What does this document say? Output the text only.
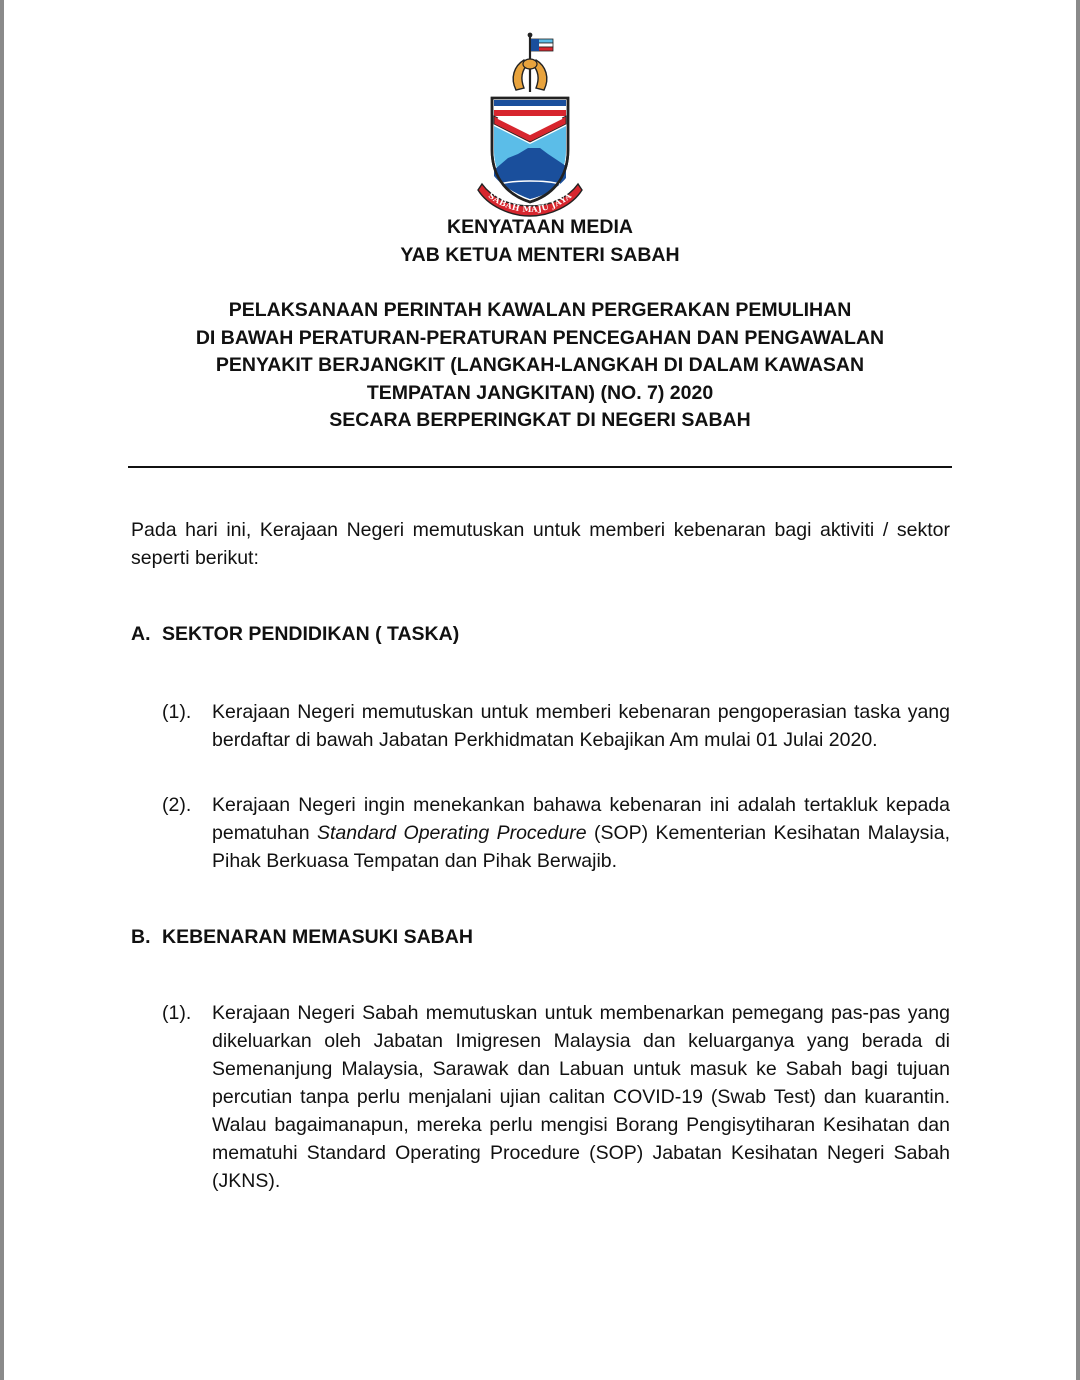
SABAH MAJU JAYA
KENYATAAN MEDIA
YAB KETUA MENTERI SABAH
PELAKSANAAN PERINTAH KAWALAN PERGERAKAN PEMULIHAN
DI BAWAH PERATURAN-PERATURAN PENCEGAHAN DAN PENGAWALAN
PENYAKIT BERJANGKIT (LANGKAH-LANGKAH DI DALAM KAWASAN
TEMPATAN JANGKITAN) (NO. 7) 2020
SECARA BERPERINGKAT DI NEGERI SABAH

Pada hari ini, Kerajaan Negeri memutuskan untuk memberi kebenaran bagi aktiviti / sektor seperti berikut:

A. SEKTOR PENDIDIKAN ( TASKA)

(1).	Kerajaan Negeri memutuskan untuk memberi kebenaran pengoperasian taska yang berdaftar di bawah Jabatan Perkhidmatan Kebajikan Am mulai 01 Julai 2020.
(2).	Kerajaan Negeri ingin menekankan bahawa kebenaran ini adalah tertakluk kepada pematuhan Standard Operating Procedure (SOP) Kementerian Kesihatan Malaysia, Pihak Berkuasa Tempatan dan Pihak Berwajib.

B. KEBENARAN MEMASUKI SABAH

(1).	Kerajaan Negeri Sabah memutuskan untuk membenarkan pemegang pas-pas yang dikeluarkan oleh Jabatan Imigresen Malaysia dan keluarganya yang berada di Semenanjung Malaysia, Sarawak dan Labuan untuk masuk ke Sabah bagi tujuan percutian tanpa perlu menjalani ujian calitan COVID-19 (Swab Test) dan kuarantin. Walau bagaimanapun, mereka perlu mengisi Borang Pengisytiharan Kesihatan dan mematuhi Standard Operating Procedure (SOP) Jabatan Kesihatan Negeri Sabah (JKNS).
